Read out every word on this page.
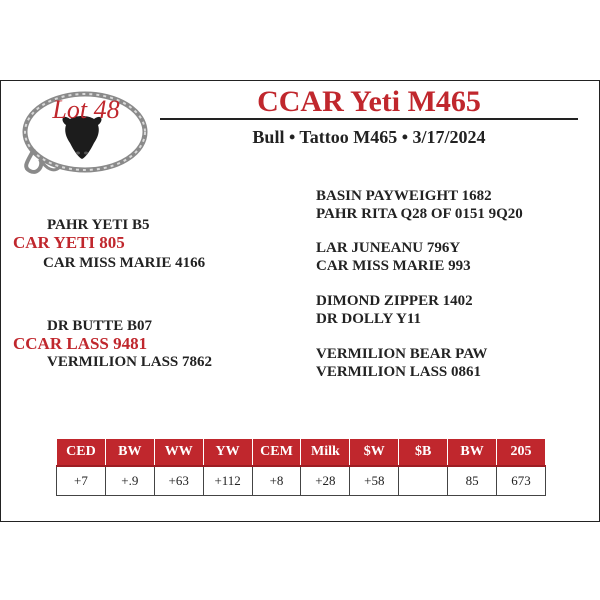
Lot 48	CCAR Yeti M465
Bull • Tattoo M465 • 3/17/2024
PAHR YETI B5
CAR YETI 805
CAR MISS MARIE 4166
DR BUTTE B07
CCAR LASS 9481
VERMILION LASS 7862
BASIN PAYWEIGHT 1682
PAHR RITA Q28 OF 0151 9Q20
LAR JUNEANU 796Y
CAR MISS MARIE 993
DIMOND ZIPPER 1402
DR DOLLY Y11
VERMILION BEAR PAW
VERMILION LASS 0861
CED	BW	WW	YW	CEM	Milk	$W	$B	BW	205
+7	+.9	+63	+112	+8	+28	+58		85	673
